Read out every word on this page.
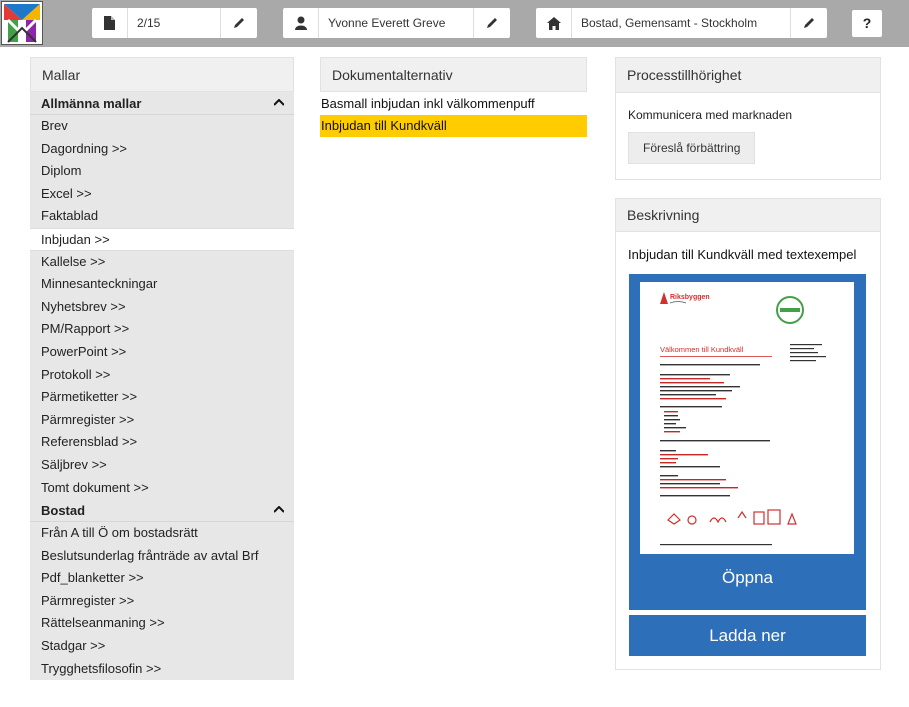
2/15	Yvonne Everett Greve	Bostad, Gemensamt - Stockholm	?
Mallar
Allmänna mallar
Brev
Dagordning >>
Diplom
Excel >>
Faktablad
Inbjudan >>
Kallelse >>
Minnesanteckningar
Nyhetsbrev >>
PM/Rapport >>
PowerPoint >>
Protokoll >>
Pärmetiketter >>
Pärmregister >>
Referensblad >>
Säljbrev >>
Tomt dokument >>
Bostad
Från A till Ö om bostadsrätt
Beslutsunderlag frånträde av avtal Brf
Pdf_blanketter >>
Pärmregister >>
Rättelseanmaning >>
Stadgar >>
Trygghetsfilosofin >>
Dokumentalternativ
Basmall inbjudan inkl välkommenpuff
Inbjudan till Kundkväll
Processtillhörighet
Kommunicera med marknaden
Föreslå förbättring
Beskrivning
Inbjudan till Kundkväll med textexempel
Riksbyggen
Välkommen till Kundkväll
Öppna
Ladda ner
